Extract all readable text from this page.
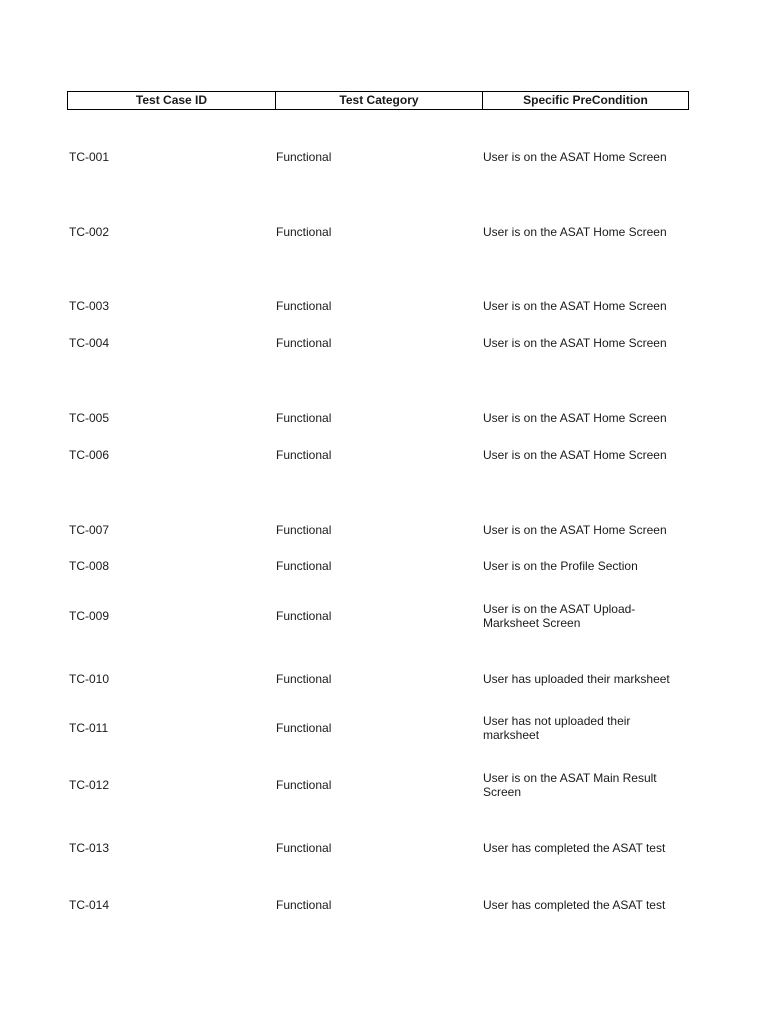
Test Case ID	Test Category	Specific PreCondition
TC-001	Functional	User is on the ASAT Home Screen
TC-002	Functional	User is on the ASAT Home Screen
TC-003	Functional	User is on the ASAT Home Screen
TC-004	Functional	User is on the ASAT Home Screen
TC-005	Functional	User is on the ASAT Home Screen
TC-006	Functional	User is on the ASAT Home Screen
TC-007	Functional	User is on the ASAT Home Screen
TC-008	Functional	User is on the Profile Section
TC-009	Functional	User is on the ASAT Upload-
Marksheet Screen
TC-010	Functional	User has uploaded their marksheet
TC-011	Functional	User has not uploaded their
marksheet
TC-012	Functional	User is on the ASAT Main Result
Screen
TC-013	Functional	User has completed the ASAT test
TC-014	Functional	User has completed the ASAT test
